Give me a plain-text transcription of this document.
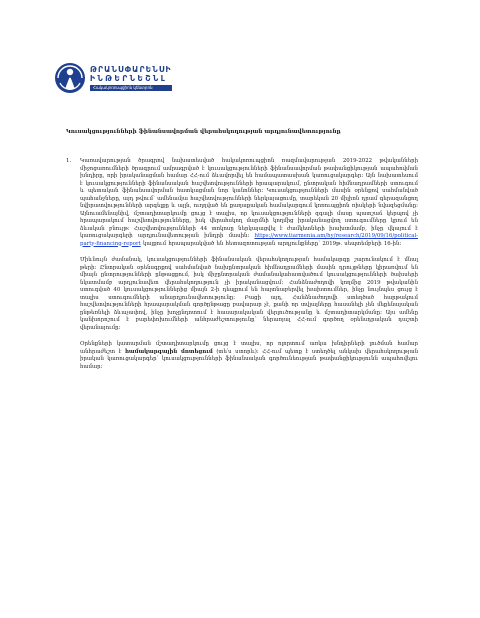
ԹՐԱՆՍՓԱՐԵՆՍԻ
ԻՆԹԵՐՆԵՇՆԼ
Հակակոռուպցիոն կենտրոն
Կուսակցությունների ֆինանսավորման վերահսկողության արդյունավետությունը
1.	Կառավարության ծրագրով նախատեսված հակակոռուպցիոն ռազմավարության 2019-2022 թվականների միջոցառումների ծրագրում ամրագրված է կուսակցությունների ֆինանսավորման թափանցիկության ապահովման խնդիրը, որի իրականացման համար ՀՀ-ում ձևավորվել են համապատասխան կառուցակարգեր։ Այն նախատեսում է կուսակցությունների ֆինանսական հաշվետվությունների հրապարակում, ընտրական հիմնադրամների ստուգում և պետական ֆինանսավորման հատկացման նոր կանոններ։ Կուսակցությունների մասին օրենքով սահմանված պահանջները, այդ թվում՝ ամենամյա հաշվետվությունների ներկայացումը, տարեկան 20 միլիոն դրամ գերազանցող նվիրատվությունների արգելքը և այլն, ուղղված են քաղաքական համակարգում կոռուպցիոն ռիսկերի նվազեցմանը։ Այնուամենայնիվ, մշտադիտարկումը ցույց է տալիս, որ կուսակցությունների զգալի մասը պատշաճ կերպով չի հրապարակում հաշվետվությունները, իսկ վերահսկող մարմնի կողմից իրականացվող ստուգումները կրում են ձևական բնույթ։ Հաշվետվությունների 44 տոկոսը ներկայացվել է ժամկետների խախտմամբ, ինչը վկայում է կառուցակարգերի արդյունավետության խնդրի մասին։ https://www.tiarmenia.am/hy/research/2019/09/16/political-party-financing-report կայքում հրապարակված են հետազոտության արդյունքները՝ 2019թ. սեպտեմբերի 16-ին։

Միևնույն ժամանակ, կուսակցությունների ֆինանսական վերահսկողության համակարգը շարունակում է մնալ թերի։ Ընտրական օրենսգրքով սահմանված նախընտրական հիմնադրամների մասին դրույթները կիրառվում են միայն ընտրությունների ընթացքում, իսկ միջընտրական ժամանակահատվածում կուսակցությունների ծախսերի նկատմամբ արդյունավետ վերահսկողություն չի իրականացվում։ Հանձնաժողովի կողմից 2019 թվականին ստուգված 40 կուսակցություններից միայն 2-ի դեպքում են հայտնաբերվել խախտումներ, ինչը նույնպես ցույց է տալիս ստուգումների անարդյունավետությունը։ Բացի այդ, Հանձնաժողովի ստեղծած հարթակում հաշվետվությունների հրապարակման գործընթացը բավարար չէ, քանի որ տվյալները հասանելի չեն մեքենայական ընթեռնելի ձևաչափով, ինչը խոչընդոտում է հասարակական վերլուծությանը և մշտադիտարկմանը։ Այս ամենը կանխորոշում է բարեփոխումների անհրաժեշտությունը՝ ներառյալ ՀՀ-ում գործող օրենսդրական դաշտի վերանայումը։

Օրենքների կատարման մշտադիտարկումը ցույց է տալիս, որ ոլորտում առկա խնդիրների լուծման համար անհրաժեշտ է համակարգային մոտեցում (տե՛ս ստորև)։ ՀՀ-ում պետք է ստեղծել անկախ վերահսկողության իրական կառուցակարգեր՝ կուսակցությունների ֆինանսական գործունեության թափանցիկությունն ապահովելու համար։
